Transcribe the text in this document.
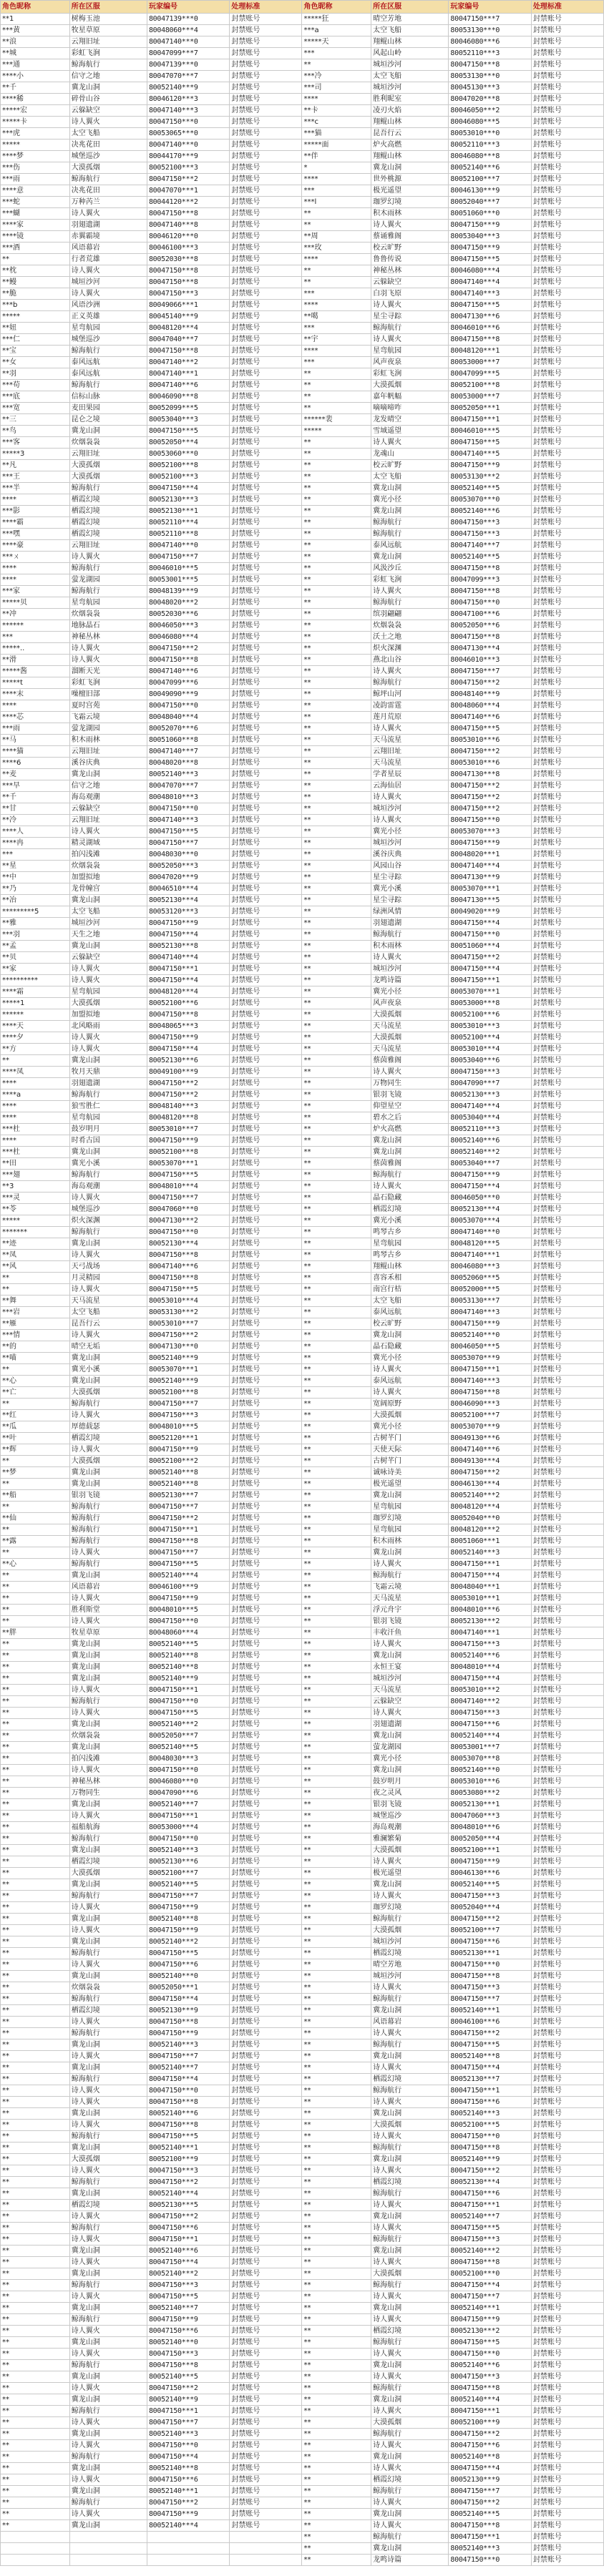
角色昵称	所在区服	玩家编号	处理标准	角色昵称	所在区服	玩家编号	处理标准
**1	树梅玉池	80047139***0	封禁账号	*****狂	晴空芳地	80047150***7	封禁账号
***黄	牧星草原	80048060***4	封禁账号	***a	太空飞船	80053130***0	封禁账号
**浪	云翔旧址	80047140***0	封禁账号	*****天	翔鲲山林	80046080***6	封禁账号
**城	彩虹飞涧	80047099***7	封禁账号	***	风起山岭	80052110***3	封禁账号
***通	鲸海航行	80047139***0	封禁账号	**	城垣沙河	80047150***8	封禁账号
****小	信守之地	80047070***7	封禁账号	***冷	太空飞船	80053130***0	封禁账号
**千	冀龙山洞	80052140***9	封禁账号	***司	城垣沙河	80045130***3	封禁账号
****稀	碎骨山谷	80046120***3	封禁账号	****	胜利昵室	80047020***8	封禁账号
*****宏	云躲缺空	80047140***3	封禁账号	**卡	凌刃火焰	80046050***2	封禁账号
*****卡	诗人翼火	80047150***0	封禁账号	***c	翔鲲山林	80046080***5	封禁账号
***虎	太空飞船	80053065***0	封禁账号	***猫	昆吾行云	80053010***0	封禁账号
*****	决兆花田	80047140***0	封禁账号	*****面	炉火高燃	80052110***3	封禁账号
****梦	城堡巡沙	80044170***9	封禁账号	**伴	翔鲲山林	80046080***8	封禁账号
***伤	大漠孤烟	80052100***3	封禁账号	*	冀龙山洞	80052140***6	封禁账号
***雨	鲸海航行	80047150***2	封禁账号	****	世外桃源	80052100***7	封禁账号
****意	决兆花田	80047070***1	封禁账号	***	极光遥望	80046130***9	封禁账号
***蛇	万种芮兰	80044120***2	封禁账号	***l	珈罗幻境	80052040***7	封禁账号
***蝴	诗人翼火	80047150***8	封禁账号	**	积木雨林	80051060***0	封禁账号
****家	羽翅遗湖	80047140***8	封禁账号	**	诗人翼火	80047150***9	封禁账号
****镜	赤翼霸境	80046120***0	封禁账号	**周	蔡诵雅阁	80053040***3	封禁账号
***酒	风语幕岩	80046100***3	封禁账号	***玫	校云旷野	80047150***9	封禁账号
**	行者荒雄	80052030***8	封禁账号	****	鲁鲁传说	80047150***5	封禁账号
**枕	诗人翼火	80047150***8	封禁账号	**	神秘丛林	80046080***4	封禁账号
**鳗	城垣沙河	80047150***8	封禁账号	**	云躲缺空	80047140***4	封禁账号
**脆	诗人翼火	80047150***3	封禁账号	***	白羽飞原	80047140***3	封禁账号
***b	风语沙洲	80049066***1	封禁账号	****	诗人翼火	80047150***5	封禁账号
*****	正义英雄	80045140***9	封禁账号	**噶	星尘寻踪	80047130***6	封禁账号
**妞	星弯航园	80048120***4	封禁账号	***	鲸海航行	80046010***6	封禁账号
***仁	城堡巡沙	80047040***7	封禁账号	**宇	诗人翼火	80047150***8	封禁账号
**宝	鲸海航行	80047150***8	封禁账号	****	星弯航园	80048120***1	封禁账号
**女	泰风远航	80047140***2	封禁账号	***	风声夜泉	80053000***7	封禁账号
**羽	泰风远航	80047140***1	封禁账号	**	彩虹飞涧	80047099***5	封禁账号
***苟	鲸海航行	80047140***6	封禁账号	**	大漠孤烟	80052100***8	封禁账号
***底	信标山脉	80046090***8	封禁账号	**	嘉年帆幅	80053000***7	封禁账号
***宽	麦田果园	80052099***5	封禁账号	**	嘀嘀啼咋	80052050***1	封禁账号
**三	昆仑之境	80053040***3	封禁账号	******裴	龙发晴空	80047150***1	封禁账号
**鸟	冀龙山洞	80047150***5	封禁账号	*****	雪域遥望	80046010***5	封禁账号
***客	炊烟袅袅	80052050***4	封禁账号	**	诗人翼火	80047150***5	封禁账号
*****3	云翔旧址	80053060***0	封禁账号	**	龙魂山	80047140***5	封禁账号
**凡	大漠孤烟	80052100***8	封禁账号	**	校云旷野	80047150***9	封禁账号
***王	大漠孤烟	80052100***3	封禁账号	**	太空飞船	80053130***2	封禁账号
***半	鲸海航行	80047150***4	封禁账号	**	冀龙山洞	80052140***5	封禁账号
****	栖霞幻境	80052130***3	封禁账号	**	冀光小径	80053070***0	封禁账号
***影	栖霞幻境	80052130***1	封禁账号	**	冀龙山洞	80052140***6	封禁账号
****霸	栖霞幻境	80052110***4	封禁账号	**	鲸海航行	80047150***3	封禁账号
***嘿	栖霞幻境	80052110***8	封禁账号	**	鲸海航行	80047150***3	封禁账号
****豪	云翔旧址	80047140***0	封禁账号	**	泰风远航	80047140***7	封禁账号
***ㄨ	诗人翼火	80047150***7	封禁账号	**	冀龙山洞	80052140***5	封禁账号
****	鲸海航行	80046010***5	封禁账号	**	风汲沙丘	80047150***8	封禁账号
****	萤龙湖园	80053001***5	封禁账号	**	彩虹飞涧	80047099***3	封禁账号
***家	鲸海航行	80048139***9	封禁账号	**	诗人翼火	80047150***8	封禁账号
*****贝	星弯航园	80048020***2	封禁账号	**	鲸海航行	80047150***0	封禁账号
**冲	炊烟袅袅	80052030***6	封禁账号	**	缤羽翩翩	80047100***6	封禁账号
******	地脉晶石	80046050***3	封禁账号	**	炊烟袅袅	80052050***6	封禁账号
***	神秘丛林	80046080***4	封禁账号	**	沃土之地	80047150***8	封禁账号
*****..	诗人翼火	80047150***2	封禁账号	**	炽火深渊	80047130***4	封禁账号
**滑	诗人翼火	80047150***8	封禁账号	**	燕北山谷	80046010***3	封禁账号
*****酱	溜断天光	80047140***6	封禁账号	**	诗人翼火	80047150***7	封禁账号
*****t	彩虹飞涧	80047099***6	封禁账号	**	鲸海航行	80047150***2	封禁账号
****末	噪檀旧部	80049090***9	封禁账号	**	鲸坪山河	80048140***9	封禁账号
****	夏时宫苑	80047150***0	封禁账号	**	凌韵雷霆	80048060***4	封禁账号
****芯	飞霜云境	80048040***4	封禁账号	**	莲月荒原	80047140***6	封禁账号
***雨	萤龙湖园	80052070***6	封禁账号	**	诗人翼火	80047150***5	封禁账号
**马	积木雨林	80051060***8	封禁账号	**	天马流星	80053010***6	封禁账号
****猫	云翔旧址	80047140***7	封禁账号	**	云翔旧址	80047150***2	封禁账号
****6	溪谷庆典	80048020***8	封禁账号	**	天马流星	80053010***6	封禁账号
**麦	冀龙山洞	80052140***3	封禁账号	**	学者星辰	80047130***8	封禁账号
***早	信守之地	80047070***7	封禁账号	**	云海仙居	80047150***2	封禁账号
**千	海岛观潮	80048010***3	封禁账号	**	诗人翼火	80047150***2	封禁账号
**甘	云躲缺空	80047150***0	封禁账号	**	城垣沙河	80047150***2	封禁账号
**冷	云翔旧址	80047140***3	封禁账号	**	诗人翼火	80047150***0	封禁账号
****人	诗人翼火	80047150***5	封禁账号	**	冀光小径	80053070***3	封禁账号
****冉	精灵湖域	80047150***7	封禁账号	**	城垣沙河	80047150***9	封禁账号
***	拍闪浅滩	80048030***0	封禁账号	**	溪谷庆典	80048020***1	封禁账号
**星	炊烟袅袅	80052050***3	封禁账号	**	风园山谷	80047140***4	封禁账号
**中	加盟拟地	80047020***9	封禁账号	**	星尘寻踪	80047130***9	封禁账号
**乃	龙骨幢宫	80046510***4	封禁账号	**	冀光小溪	80053070***1	封禁账号
**冶	冀龙山洞	80052130***4	封禁账号	**	星尘寻踪	80047130***5	封禁账号
*********5	太空飞船	80053120***3	封禁账号	**	绿洲风情	80049020***9	封禁账号
**雅	城垣沙河	80047150***9	封禁账号	**	羽翅遗湖	80047150***4	封禁账号
***羽	天生之地	80047150***4	封禁账号	**	鲸海航行	80047150***0	封禁账号
**孟	冀龙山洞	80052130***8	封禁账号	**	积木雨林	80051060***4	封禁账号
**贝	云躲缺空	80047140***4	封禁账号	**	诗人翼火	80047150***2	封禁账号
**家	诗人翼火	80047150***1	封禁账号	**	城垣沙河	80047150***4	封禁账号
**********	诗人翼火	80047150***4	封禁账号	**	龙鸣诗篇	80047150***1	封禁账号
****霜	星弯航园	80048120***4	封禁账号	**	冀光小径	80053070***1	封禁账号
*****1	大漠孤烟	80052100***6	封禁账号	**	风声夜泉	80053000***8	封禁账号
******	加盟拟地	80047150***8	封禁账号	**	大漠孤烟	80052100***6	封禁账号
****天	北风略雨	80048065***3	封禁账号	**	天马流星	80053010***3	封禁账号
****夕	诗人翼火	80047150***9	封禁账号	**	大漠孤烟	80052100***4	封禁账号
**方	诗人翼火	80047150***4	封禁账号	**	天马流星	80053010***4	封禁账号
**	冀龙山洞	80052130***6	封禁账号	**	蔡茵雅阁	80053040***6	封禁账号
****凤	牧月天鼎	80049100***9	封禁账号	**	诗人翼火	80047150***3	封禁账号
****	羽翅遗湖	80047150***2	封禁账号	**	万物同生	80047090***7	封禁账号
****a	鲸海航行	80047150***2	封禁账号	**	银羽飞镜	80052130***3	封禁账号
****	狼雪胜仁	80048140***3	封禁账号	**	仰望星空	80047140***4	封禁账号
****	星弯航园	80048120***8	封禁账号	**	碧水之后	80053040***4	封禁账号
***杜	鼓岁明月	80053010***7	封禁账号	**	炉火高燃	80052110***3	封禁账号
****	时肴古国	80047150***9	封禁账号	**	冀龙山洞	80052140***6	封禁账号
***杜	冀龙山洞	80052100***8	封禁账号	**	冀龙山洞	80052140***2	封禁账号
**田	冀光小溪	80053070***1	封禁账号	**	蔡茵雅阁	80053040***7	封禁账号
***翅	鲸海航行	80047150***5	封禁账号	**	鲸海航行	80047150***9	封禁账号
**3	海岛观潮	80048010***4	封禁账号	**	诗人翼火	80047150***4	封禁账号
***灵	诗人翼火	80047150***7	封禁账号	**	晶石隐藏	80046050***0	封禁账号
**苓	城堡巡沙	80047060***0	封禁账号	**	栖霞幻境	80052130***4	封禁账号
*****	炽火深渊	80047130***2	封禁账号	**	冀光小溪	80053070***4	封禁账号
*******	鲸海航行	80047150***0	封禁账号	**	鸣琴古乡	80047140***0	封禁账号
**迹	冀龙山洞	80052130***4	封禁账号	**	星弯航园	80048120***5	封禁账号
**凤	诗人翼火	80047150***8	封禁账号	**	鸣琴古乡	80047140***1	封禁账号
**风	天弓战场	80047140***6	封禁账号	**	翔鲲山林	80046080***3	封禁账号
**	月灵精园	80047150***8	封禁账号	**	喜容禾相	80052060***5	封禁账号
**	诗人翼火	80047150***5	封禁账号	**	南宫行桔	80052000***5	封禁账号
**舞	天马流星	80053010***4	封禁账号	**	太空飞船	80053130***7	封禁账号
***岩	太空飞船	80053130***2	封禁账号	**	泰风远航	80047140***3	封禁账号
**雁	昆吾行云	80053010***7	封禁账号	**	校云旷野	80047150***9	封禁账号
***情	诗人翼火	80047150***2	封禁账号	**	冀龙山洞	80052140***0	封禁账号
**的	晴空无垢	80047130***0	封禁账号	**	晶石隐藏	80046050***5	封禁账号
**喵	冀龙山洞	80052140***9	封禁账号	**	冀光小径	80053070***9	封禁账号
**	冀光小溪	80053070***1	封禁账号	**	诗人翼火	80047150***1	封禁账号
**心	冀龙山洞	80052140***9	封禁账号	**	泰风远航	80047140***3	封禁账号
**亡	大漠孤烟	80052100***8	封禁账号	**	诗人翼火	80047150***8	封禁账号
**	鲸海航行	80047150***7	封禁账号	**	宽阔原野	80046090***3	封禁账号
**红	诗人翼火	80047150***3	封禁账号	**	大漠孤烟	80052100***7	封禁账号
**瓜	厚德载瑟	80048010***5	封禁账号	**	冀光小径	80053070***9	封禁账号
**叶	栖霞幻境	80052120***1	封禁账号	**	古树芊门	80049130***6	封禁账号
**辉	诗人翼火	80047150***9	封禁账号	**	天使天际	80047140***6	封禁账号
**	大漠孤烟	80052100***2	封禁账号	**	古树芊门	80049130***4	封禁账号
**梦	冀龙山洞	80052140***8	封禁账号	**	诚咏诗美	80047150***2	封禁账号
**	冀龙山洞	80052140***8	封禁账号	**	极光遥望	80046130***4	封禁账号
**船	银羽飞镜	80052130***7	封禁账号	**	冀龙山洞	80052140***2	封禁账号
**	鲸海航行	80047150***7	封禁账号	**	星弯航园	80048120***4	封禁账号
**仙	鲸海航行	80047150***2	封禁账号	**	珈罗幻境	80052040***0	封禁账号
**	鲸海航行	80047150***1	封禁账号	**	星弯航园	80048120***2	封禁账号
**露	鲸海航行	80047150***8	封禁账号	**	积木雨林	80051060***1	封禁账号
**	诗人翼火	80047150***7	封禁账号	**	冀龙山洞	80052140***3	封禁账号
**心	鲸海航行	80047150***5	封禁账号	**	诗人翼火	80047150***1	封禁账号
**	冀龙山洞	80052140***4	封禁账号	**	鲸海航行	80047150***4	封禁账号
**	风语幕岩	80046100***9	封禁账号	**	飞霜云境	80048040***1	封禁账号
**	诗人翼火	80047150***9	封禁账号	**	天马流星	80053010***1	封禁账号
**	胜利斯堂	80048010***5	封禁账号	**	浮元舟宇	80048010***6	封禁账号
**	诗人翼火	80047150***0	封禁账号	**	银羽飞镜	80052130***2	封禁账号
**胖	牧星草原	80048060***4	封禁账号	**	丰收汗鱼	80047140***1	封禁账号
**	冀龙山洞	80052140***5	封禁账号	**	诗人翼火	80047150***3	封禁账号
**	冀龙山洞	80052140***8	封禁账号	**	冀龙山洞	80052140***6	封禁账号
**	冀龙山洞	80052140***8	封禁账号	**	永恒王宴	80048010***4	封禁账号
**	冀龙山洞	80052140***9	封禁账号	**	城垣沙河	80047150***4	封禁账号
**	诗人翼火	80047150***1	封禁账号	**	天马流星	80053010***2	封禁账号
**	鲸海航行	80047150***0	封禁账号	**	云躲缺空	80047140***2	封禁账号
**	诗人翼火	80047150***5	封禁账号	**	诗人翼火	80047150***3	封禁账号
**	冀龙山洞	80052140***2	封禁账号	**	羽翅遗湖	80047150***6	封禁账号
**	炊烟袅袅	80052050***7	封禁账号	**	冀龙山洞	80052140***4	封禁账号
**	冀龙山洞	80052140***5	封禁账号	**	萤龙湖园	80053001***7	封禁账号
**	拍闪浅滩	80048030***3	封禁账号	**	冀光小径	80053070***8	封禁账号
**	诗人翼火	80047150***0	封禁账号	**	冀龙山洞	80052140***0	封禁账号
**	神秘丛林	80046080***0	封禁账号	**	鼓岁明月	80053010***6	封禁账号
**	万物同生	80047090***6	封禁账号	**	夜之灵风	80053080***2	封禁账号
**	冀龙山洞	80052140***7	封禁账号	**	银羽飞镜	80052130***1	封禁账号
**	诗人翼火	80047150***1	封禁账号	**	城堡巡沙	80047060***3	封禁账号
**	福船航海	80053000***4	封禁账号	**	海岛观潮	80048010***6	封禁账号
**	鲸海航行	80047150***0	封禁账号	**	雅澜繁菊	80052050***4	封禁账号
**	冀龙山洞	80052140***3	封禁账号	**	大漠孤烟	80052100***1	封禁账号
**	栖霞幻境	80052130***6	封禁账号	**	诗人翼火	80047150***9	封禁账号
**	大漠孤烟	80052100***7	封禁账号	**	极光遥望	80046130***6	封禁账号
**	冀龙山洞	80052140***5	封禁账号	**	冀龙山洞	80052140***5	封禁账号
**	鲸海航行	80047150***7	封禁账号	**	诗人翼火	80047150***3	封禁账号
**	诗人翼火	80047150***9	封禁账号	**	珈罗幻境	80052040***4	封禁账号
**	冀龙山洞	80052140***8	封禁账号	**	鲸海航行	80047150***2	封禁账号
**	诗人翼火	80047150***9	封禁账号	**	大漠孤烟	80052100***7	封禁账号
**	冀龙山洞	80052140***2	封禁账号	**	城垣沙河	80047150***6	封禁账号
**	鲸海航行	80047150***5	封禁账号	**	栖霞幻境	80052130***1	封禁账号
**	诗人翼火	80047150***6	封禁账号	**	晴空芳地	80047150***0	封禁账号
**	冀龙山洞	80052140***0	封禁账号	**	城垣沙河	80047150***8	封禁账号
**	炊烟袅袅	80052050***1	封禁账号	**	诗人翼火	80047150***3	封禁账号
**	鲸海航行	80047150***4	封禁账号	**	鲸海航行	80047150***7	封禁账号
**	栖霞幻境	80052130***9	封禁账号	**	冀龙山洞	80052140***1	封禁账号
**	诗人翼火	80047150***8	封禁账号	**	风语幕岩	80046100***6	封禁账号
**	鲸海航行	80047150***9	封禁账号	**	诗人翼火	80047150***2	封禁账号
**	冀龙山洞	80052140***3	封禁账号	**	鲸海航行	80047150***5	封禁账号
**	诗人翼火	80047150***7	封禁账号	**	冀龙山洞	80052140***8	封禁账号
**	冀龙山洞	80052140***7	封禁账号	**	诗人翼火	80047150***4	封禁账号
**	鲸海航行	80047150***4	封禁账号	**	栖霞幻境	80052130***7	封禁账号
**	诗人翼火	80047150***0	封禁账号	**	鲸海航行	80047150***1	封禁账号
**	诗人翼火	80047150***8	封禁账号	**	诗人翼火	80047150***6	封禁账号
**	冀龙山洞	80052140***6	封禁账号	**	冀龙山洞	80052140***3	封禁账号
**	诗人翼火	80047150***8	封禁账号	**	大漠孤烟	80052100***5	封禁账号
**	鲸海航行	80047150***5	封禁账号	**	诗人翼火	80047150***0	封禁账号
**	冀龙山洞	80052140***1	封禁账号	**	鲸海航行	80047150***8	封禁账号
**	大漠孤烟	80052100***9	封禁账号	**	冀龙山洞	80052140***9	封禁账号
**	诗人翼火	80047150***3	封禁账号	**	诗人翼火	80047150***2	封禁账号
**	鲸海航行	80047150***2	封禁账号	**	栖霞幻境	80052130***4	封禁账号
**	冀龙山洞	80052140***4	封禁账号	**	鲸海航行	80047150***6	封禁账号
**	栖霞幻境	80052130***5	封禁账号	**	诗人翼火	80047150***1	封禁账号
**	诗人翼火	80047150***2	封禁账号	**	冀龙山洞	80052140***7	封禁账号
**	鲸海航行	80047150***6	封禁账号	**	诗人翼火	80047150***5	封禁账号
**	诗人翼火	80047150***1	封禁账号	**	鲸海航行	80047150***3	封禁账号
**	冀龙山洞	80052140***6	封禁账号	**	冀龙山洞	80052140***2	封禁账号
**	诗人翼火	80047150***4	封禁账号	**	诗人翼火	80047150***8	封禁账号
**	冀龙山洞	80052140***2	封禁账号	**	大漠孤烟	80052100***0	封禁账号
**	鲸海航行	80047150***3	封禁账号	**	鲸海航行	80047150***4	封禁账号
**	诗人翼火	80047150***5	封禁账号	**	诗人翼火	80047150***7	封禁账号
**	冀龙山洞	80052140***7	封禁账号	**	冀龙山洞	80052140***1	封禁账号
**	鲸海航行	80047150***9	封禁账号	**	诗人翼火	80047150***9	封禁账号
**	诗人翼火	80047150***6	封禁账号	**	栖霞幻境	80052130***2	封禁账号
**	冀龙山洞	80052140***0	封禁账号	**	鲸海航行	80047150***5	封禁账号
**	诗人翼火	80047150***3	封禁账号	**	诗人翼火	80047150***0	封禁账号
**	鲸海航行	80047150***8	封禁账号	**	冀龙山洞	80052140***6	封禁账号
**	冀龙山洞	80052140***5	封禁账号	**	诗人翼火	80047150***3	封禁账号
**	诗人翼火	80047150***2	封禁账号	**	鲸海航行	80047150***8	封禁账号
**	冀龙山洞	80052140***9	封禁账号	**	冀龙山洞	80052140***4	封禁账号
**	鲸海航行	80047150***1	封禁账号	**	诗人翼火	80047150***1	封禁账号
**	诗人翼火	80047150***7	封禁账号	**	大漠孤烟	80052100***9	封禁账号
**	冀龙山洞	80052140***3	封禁账号	**	鲸海航行	80047150***2	封禁账号
**	诗人翼火	80047150***0	封禁账号	**	诗人翼火	80047150***6	封禁账号
**	鲸海航行	80047150***4	封禁账号	**	冀龙山洞	80052140***8	封禁账号
**	冀龙山洞	80052140***8	封禁账号	**	诗人翼火	80047150***4	封禁账号
**	诗人翼火	80047150***6	封禁账号	**	栖霞幻境	80052130***9	封禁账号
**	冀龙山洞	80052140***1	封禁账号	**	鲸海航行	80047150***7	封禁账号
**	鲸海航行	80047150***2	封禁账号	**	诗人翼火	80047150***2	封禁账号
**	诗人翼火	80047150***9	封禁账号	**	冀龙山洞	80052140***5	封禁账号
**	冀龙山洞	80052140***4	封禁账号	**	诗人翼火	80047150***8	封禁账号
				**	鲸海航行	80047150***1	封禁账号
				**	冀龙山洞	80052140***3	封禁账号
				**	龙鸣诗篇	80047150***0	封禁账号
